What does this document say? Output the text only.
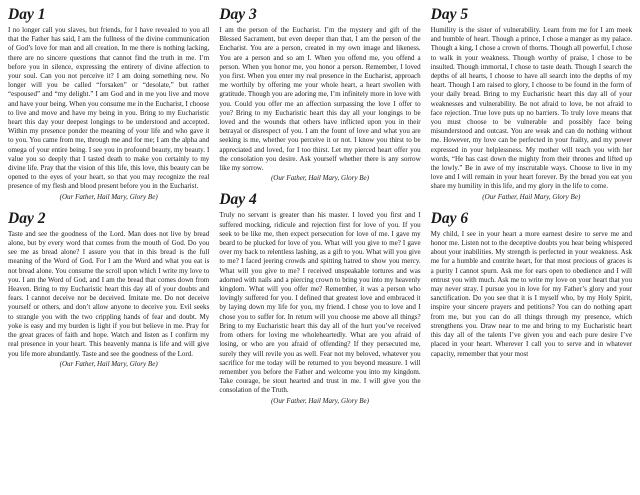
Day 1

I no longer call you slaves, but friends, for I have revealed to you all that the Father has said, I am the fullness of the divine communication of God’s love for man and all creation. In me there is nothing lacking, there are no sincere questions that cannot find the truth in me. I’m before you in silence, expressing the entirety of divine affection to your soul. Can you not perceive it? I am doing something new. No longer will you be called “forsaken” or “desolate,” but rather “espoused” and “my delight.” I am God and in me you live and move and have your being. When you consume me in the Eucharist, I choose to live and move and have my being in you. Bring to my Eucharistic heart this day your deepest longings to be understood and accepted. Within my presence ponder the meaning of your life and who gave it to you. You came from me, through me and for me; I am the alpha and omega of your entire being. I see you in profound beauty, my beauty. I value you so deeply that I tasted death to make you certainly to my divine life. Pray that the vision of this life, this love, this beauty can be opened to the eyes of your heart, so that you may recognize the real presence of my flesh and blood present before you in the Eucharist.

(Our Father, Hail Mary, Glory Be)

Day 2

Taste and see the goodness of the Lord. Man does not live by bread alone, but by every word that comes from the mouth of God. Do you see me as bread alone? I assure you that in this bread is the full meaning of the Word of God. For I am the Word and what you eat is not bread alone. You consume the scroll upon which I write my love to you. I am the Word of God, and I am the bread that comes down from Heaven. Bring to my Eucharistic heart this day all of your doubts and fears. I cannot deceive nor be deceived. Imitate me. Do not deceive yourself or others, and don’t allow anyone to deceive you. Evil seeks to strangle you with the two crippling hands of fear and doubt. My yoke is easy and my burden is light if you but believe in me. Pray for the great graces of faith and hope. Watch and listen as I confirm my real presence in your heart. This heavenly manna is life and will give you life more abundantly. Taste and see the goodness of the Lord.

(Our Father, Hail Mary, Glory Be)

Day 3

I am the person of the Eucharist. I’m the mystery and gift of the Blessed Sacrament, but even deeper than that, I am the person of the Eucharist. You are a person, created in my own image and likeness. You are a person and so am I. When you offend me, you offend a person. When you honor me, you honor a person. Remember, I loved you first. When you enter my real presence in the Eucharist, approach me worthily by offering me your whole heart, a heart swollen with gratitude. Though you are adoring me, I’m infinitely more in love with you. Could you offer me an affection surpassing the love I offer to you? Bring to my Eucharistic heart this day all your longings to be loved and the wounds that others have inflicted upon you in their betrayal or disrespect of you. I am the fount of love and what you are seeking is me, whether you perceive it or not. I know you thirst to be appreciated and loved, for I too thirst. Let my pierced heart offer you the consolation you desire. Ask yourself whether there is any sorrow like my sorrow.

(Our Father, Hail Mary, Glory Be)

Day 4

Truly no servant is greater than his master. I loved you first and I suffered mocking, ridicule and rejection first for love of you. If you seek to be like me, then expect persecution for love of me. I gave my beard to be plucked for love of you. What will you give to me? I gave over my back to relentless lashing, as a gift to you. What will you give to me? I faced jeering crowds and spitting hatred to show you mercy. What will you give to me? I received unspeakable tortures and was adorned with nails and a piercing crown to bring you into my heavenly kingdom. What will you offer me? Remember, it was a person who lovingly suffered for you. I defined that greatest love and embraced it by laying down my life for you, my friend. I chose you to love and I chose you to suffer for. In return will you choose me above all things? Bring to my Eucharistic heart this day all of the hurt you’ve received from others for loving me wholeheartedly. What are you afraid of losing, or who are you afraid of offending? If they persecuted me, surely they will revile you as well. Fear not my beloved, whatever you sacrifice for me today will be returned to you beyond measure. I will remember you before the Father and welcome you into my kingdom. Take courage, be stout hearted and trust in me. I will give you the consolation of the Truth.

(Our Father, Hail Mary, Glory Be)

Day 5

Humility is the sister of vulnerability. Learn from me for I am meek and humble of heart. Though a prince, I chose a manger as my palace. Though a king, I chose a crown of thorns. Though all powerful, I chose to walk in your weakness. Though worthy of praise, I chose to be insulted. Though immortal, I chose to taste death. Though I search the depths of all hearts, I choose to have all search into the depths of my heart. Though I am raised to glory, I choose to be found in the form of your daily bread. Bring to my Eucharistic heart this day all of your weaknesses and vulnerability. Be not afraid to love, be not afraid to face rejection. True love puts up no barriers. To truly love means that you must choose to be vulnerable and possibly face being misunderstood and outcast. You are weak and can do nothing without me. However, my love can be perfected in your frailty, and my power expressed in your helplessness. My mother will teach you with her words, “He has cast down the mighty from their thrones and lifted up the lowly.” Be in awe of my inscrutable ways. Choose to live in my love and I will remain in your heart forever. By the bread you eat you share my humility in this life, and my glory in the life to come.

(Our Father, Hail Mary, Glory Be)

Day 6

My child, I see in your heart a more earnest desire to serve me and honor me. Listen not to the deceptive doubts you hear being whispered about your inabilities. My strength is perfected in your weakness. Ask me for a humble and contrite heart, for that most precious of graces is a purity I cannot spurn. Ask me for ears open to obedience and I will entrust you with much. Ask me to write my love on your heart that you may never stray. I pursue you in love for my Father’s glory and your sanctification. Do you see that it is I myself who, by my Holy Spirit, inspire your sincere prayers and petitions? You can do nothing apart from me, but you can do all things through my presence, which strengthens you. Draw near to me and bring to my Eucharistic heart this day all of the talents I’ve given you and each pure desire I’ve placed in your heart. Wherever I call you to serve and in whatever capacity, remember that your most
